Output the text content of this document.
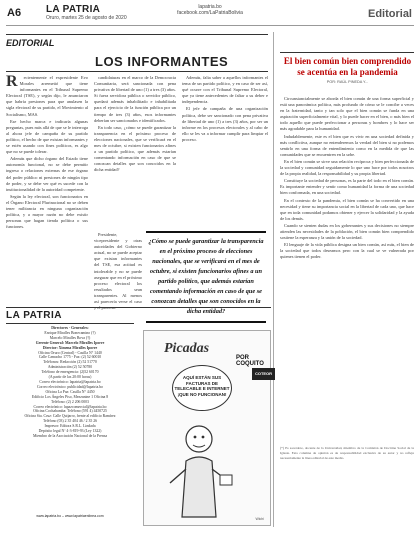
A6 LA PATRIA
Oruro, martes 25 de agosto de 2020
lapatria.bo
facebook.com/LaPatriaBolivia	Editorial
EDITORIAL
LOS INFORMANTES
R	ecientemente el expresidente Evo Morales arremetió que tiene informantes en el Tribunal Supremo Electoral (TSE), y según dijo, le anunciaron que habría presiones para que anulasen la sigla electoral de su partido, el Movimiento al Socialismo, MAS.

Ese hecho marca e indicaría algunas preguntas, pues más allá de que se le interroga al ahora jefe de campaña de su partido político, el hecho de que existan informantes y se estén usando con fines políticos, es algo que no se puede tolerar.

Además que dicho órgano del Estado tiene autonomía funcional, no se debe permitir ingreso o relaciones externas de ese órgano del poder público ni presiones de ningún tipo de poder, y se debe ver qué es sucede con la institucionalidad de la autoridad competente.

Según la ley electoral, son funcionarios en el Órgano Electoral Plurinacional no se deben tener militancia en ninguna organización política, y a mayor razón no debe existir personas que hagan tienda política o sus funciones.

candidaturas en el marco de la Democracia Comunitaria, será sancionada con pena privativa de libertad de uno (1) a tres (3) años. Si fuera servidora pública o servidor público, quedará además inhabilitado e inhabilitada para el ejercicio de la función pública por un tiempo de tres (3) años, esos informantes deberían ser sancionados e identificados.

En todo caso, ¿cómo se puede garantizar la transparencia en el próximo proceso de elecciones nacionales, que se verificará en el mes de octubre, si existen funcionarios afines a un partido político, que además estarían comentando información en caso de que se conozcan detalles que son conocidos en la dicha entidad?

Además, falta saber a aquellos informantes el tema de un partido político, y en caso de ser así, qué ocurre con el Tribunal Supremo Electoral, que ya tiene antecedentes de faltar a su deber e independencia.

El jefe de campaña de una organización política, debe ser sancionado con pena privativa de libertad de uno (1) a tres (3) años, por ser un informe en los procesos electorales y al cabo de ello se les va a informar cumplir para limpiar el proceso.

¿Cómo se puede garantizar la transparencia en el próximo proceso de elecciones nacionales, que se verificará en el mes de octubre, si existen funcionarios afines a un partido político, que además estarían comentando información en caso de que se conozcan detalles que son conocidos en la dicha entidad?

Presidente, vicepresidente y otras autoridades del Gobierno actual, no se puede aceptar que existan informantes del TSE, esa actitud es intolerable y no se puede asegurar que en el próximo proceso electoral los resultados sean transparentes. Al menos así parecería verse el caso y el proceso.

El bien común bien comprendido se acentúa en la pandemia
POR: RAÚL PINEDA Y...

Circunstancialmente se aborda el bien común de una forma superficial y está una panorámica política, más profundo de cómo se le concibe a veces en la fraternidad, tanto y tan solo que el bien común se funda en una aspiración superficialmente vital, y lo puede hacer en el bien, o más bien el todo aquello que puede perfeccionar a personas y hombres y lo hace ser más agradable para la humanidad.

Indudablemente, este es el bien que es vivir en una sociedad definida y más conflictiva, aunque no entenderemos la verdad del bien si no podemos sentirlo en una forma de entendimiento como en la medida de que las comunidades que se encuentren en la urbe.

En el bien común se sirve una relación recíproca y bien perfeccionada de la sociedad y comunidad seguidamente lo que uno hace por todos nosotros de la propia realidad, la responsabilidad y su propia libertad.

Constituye la sociedad de personas, es la parte del todo en el bien común. Es importante entender y sentir como humanidad la forma de una sociedad bien conformada, en una sociedad.

En el contexto de la pandemia, el bien común se ha convertido en una necesidad y tiene su importancia social en la libertad de cada uno, que hace que en toda comunidad podamos obtener y ejercer la solidaridad y la ayuda de los demás.

Cuando se sienten dudas en los gobernantes y sus decisiones no siempre atienden las necesidades de la población, el bien común bien comprendido sostiene la esperanza y la unión de la sociedad.

El lenguaje de la vida pública designa un bien común, así más, el bien de la sociedad que todos deseamos pero con la cual se ve vulnerada por quienes tienen el poder.

(*) Es sacerdote, docente de la Universidad, miembro de la Comisión de Doctrina Social de la Iglesia. Esta columna de opinión es de responsabilidad exclusiva de su autor y no refleja necesariamente la línea editorial de este medio.
LA PATRIA
Directores - Generales:
Enrique Miralles Bonecamino (†)
Marcelo Miralles Bova (†)
Gerente General: Marcelo Miralles Iporre
Director: Ximena Miralles Iporre
Oficina Oruro (Central) - Casilla N° 1440
Calle Camacho 1775 - Fax: (2) 52 60010
Teléfonos: Redacción (2) 52 51770
Administración (2) 52 50780
Teléfono de emergencia: (2)52 60170
(A partir de las 20:00 horas)
Correo electrónico: lapatria@lapatria.bo
Correo electrónico: publicidad@lapatria.bo
Oficina La Paz: Casilla N° 4450
Edificio Los Ángeles Piso, Mezzanine 1 Oficina 8
Teléfono: (2) 2 206 0003
Correo electrónico: lapazcomercial@lapatria.bo
Oficina Cochabamba: Teléfono (591 4) 4450725
Oficina Sta. Cruz: Calle Quijarro, frente al edificio Ramírez
Teléfono (03) 2 35 404 46 / 2 35 26
Impresor: Editora S.R.L. Lindada
Depósito legal Nº 4-3-819-93 (Ley 1322)
Miembro de la Asociación Nacional de la Prensa
www.lapatria.bo – www.lapatriaenlinea.com
Picadas
AQUÍ ESTÁN SUS FACTURAS DE TELECABLE E INTERNET ¡QUE NO FUNCIONAN!
POR COQUITO
COTEOR
Wichi
